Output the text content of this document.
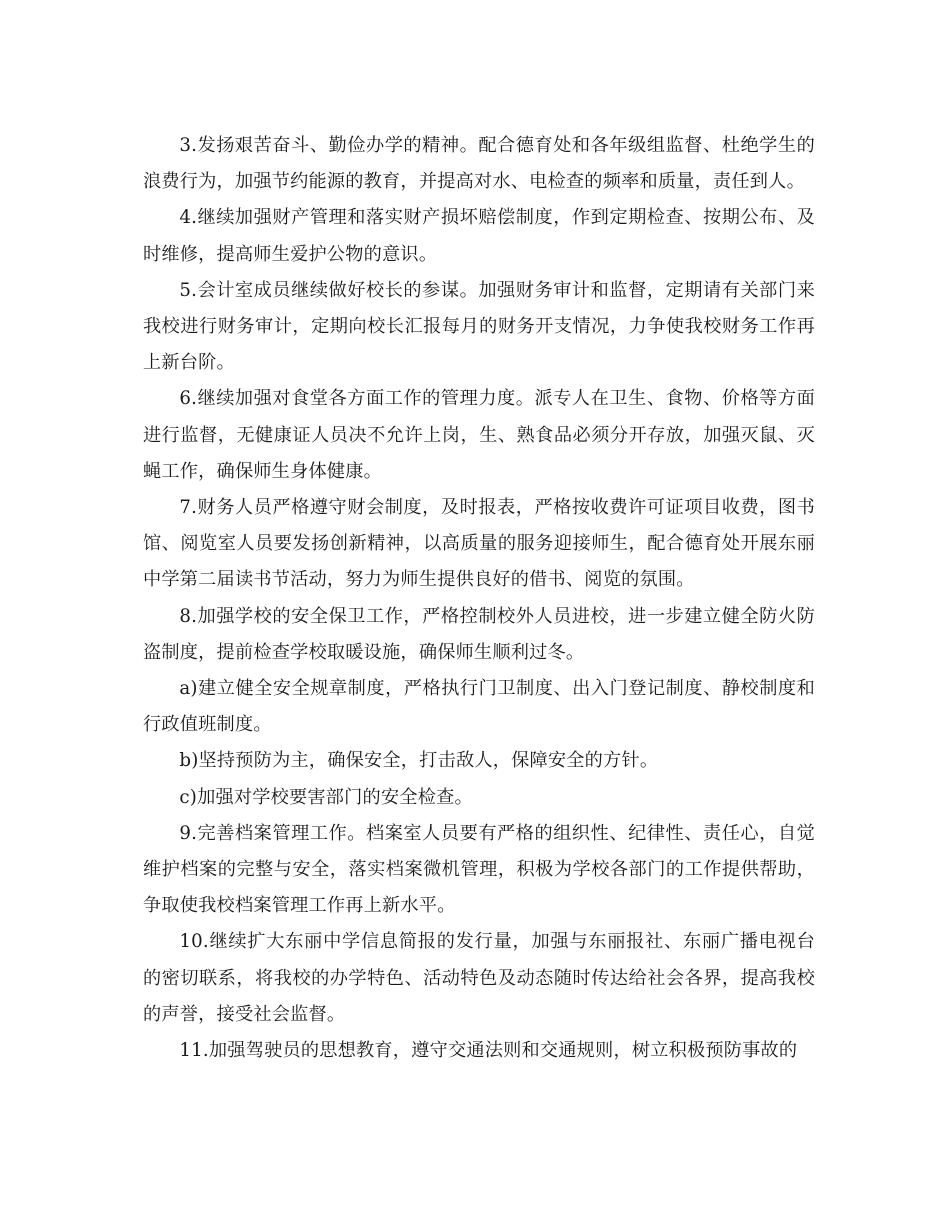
3.发扬艰苦奋斗、勤俭办学的精神。配合德育处和各年级组监督、杜绝学生的浪费行为，加强节约能源的教育，并提高对水、电检查的频率和质量，责任到人。

4.继续加强财产管理和落实财产损坏赔偿制度，作到定期检查、按期公布、及时维修，提高师生爱护公物的意识。

5.会计室成员继续做好校长的参谋。加强财务审计和监督，定期请有关部门来我校进行财务审计，定期向校长汇报每月的财务开支情况，力争使我校财务工作再上新台阶。

6.继续加强对食堂各方面工作的管理力度。派专人在卫生、食物、价格等方面进行监督，无健康证人员决不允许上岗，生、熟食品必须分开存放，加强灭鼠、灭蝇工作，确保师生身体健康。

7.财务人员严格遵守财会制度，及时报表，严格按收费许可证项目收费，图书馆、阅览室人员要发扬创新精神，以高质量的服务迎接师生，配合德育处开展东丽中学第二届读书节活动，努力为师生提供良好的借书、阅览的氛围。

8.加强学校的安全保卫工作，严格控制校外人员进校，进一步建立健全防火防盗制度，提前检查学校取暖设施，确保师生顺利过冬。

a)建立健全安全规章制度，严格执行门卫制度、出入门登记制度、静校制度和行政值班制度。

b)坚持预防为主，确保安全，打击敌人，保障安全的方针。

c)加强对学校要害部门的安全检查。

9.完善档案管理工作。档案室人员要有严格的组织性、纪律性、责任心，自觉维护档案的完整与安全，落实档案微机管理，积极为学校各部门的工作提供帮助，争取使我校档案管理工作再上新水平。

10.继续扩大东丽中学信息简报的发行量，加强与东丽报社、东丽广播电视台的密切联系，将我校的办学特色、活动特色及动态随时传达给社会各界，提高我校的声誉，接受社会监督。

11.加强驾驶员的思想教育，遵守交通法则和交通规则，树立积极预防事故的
